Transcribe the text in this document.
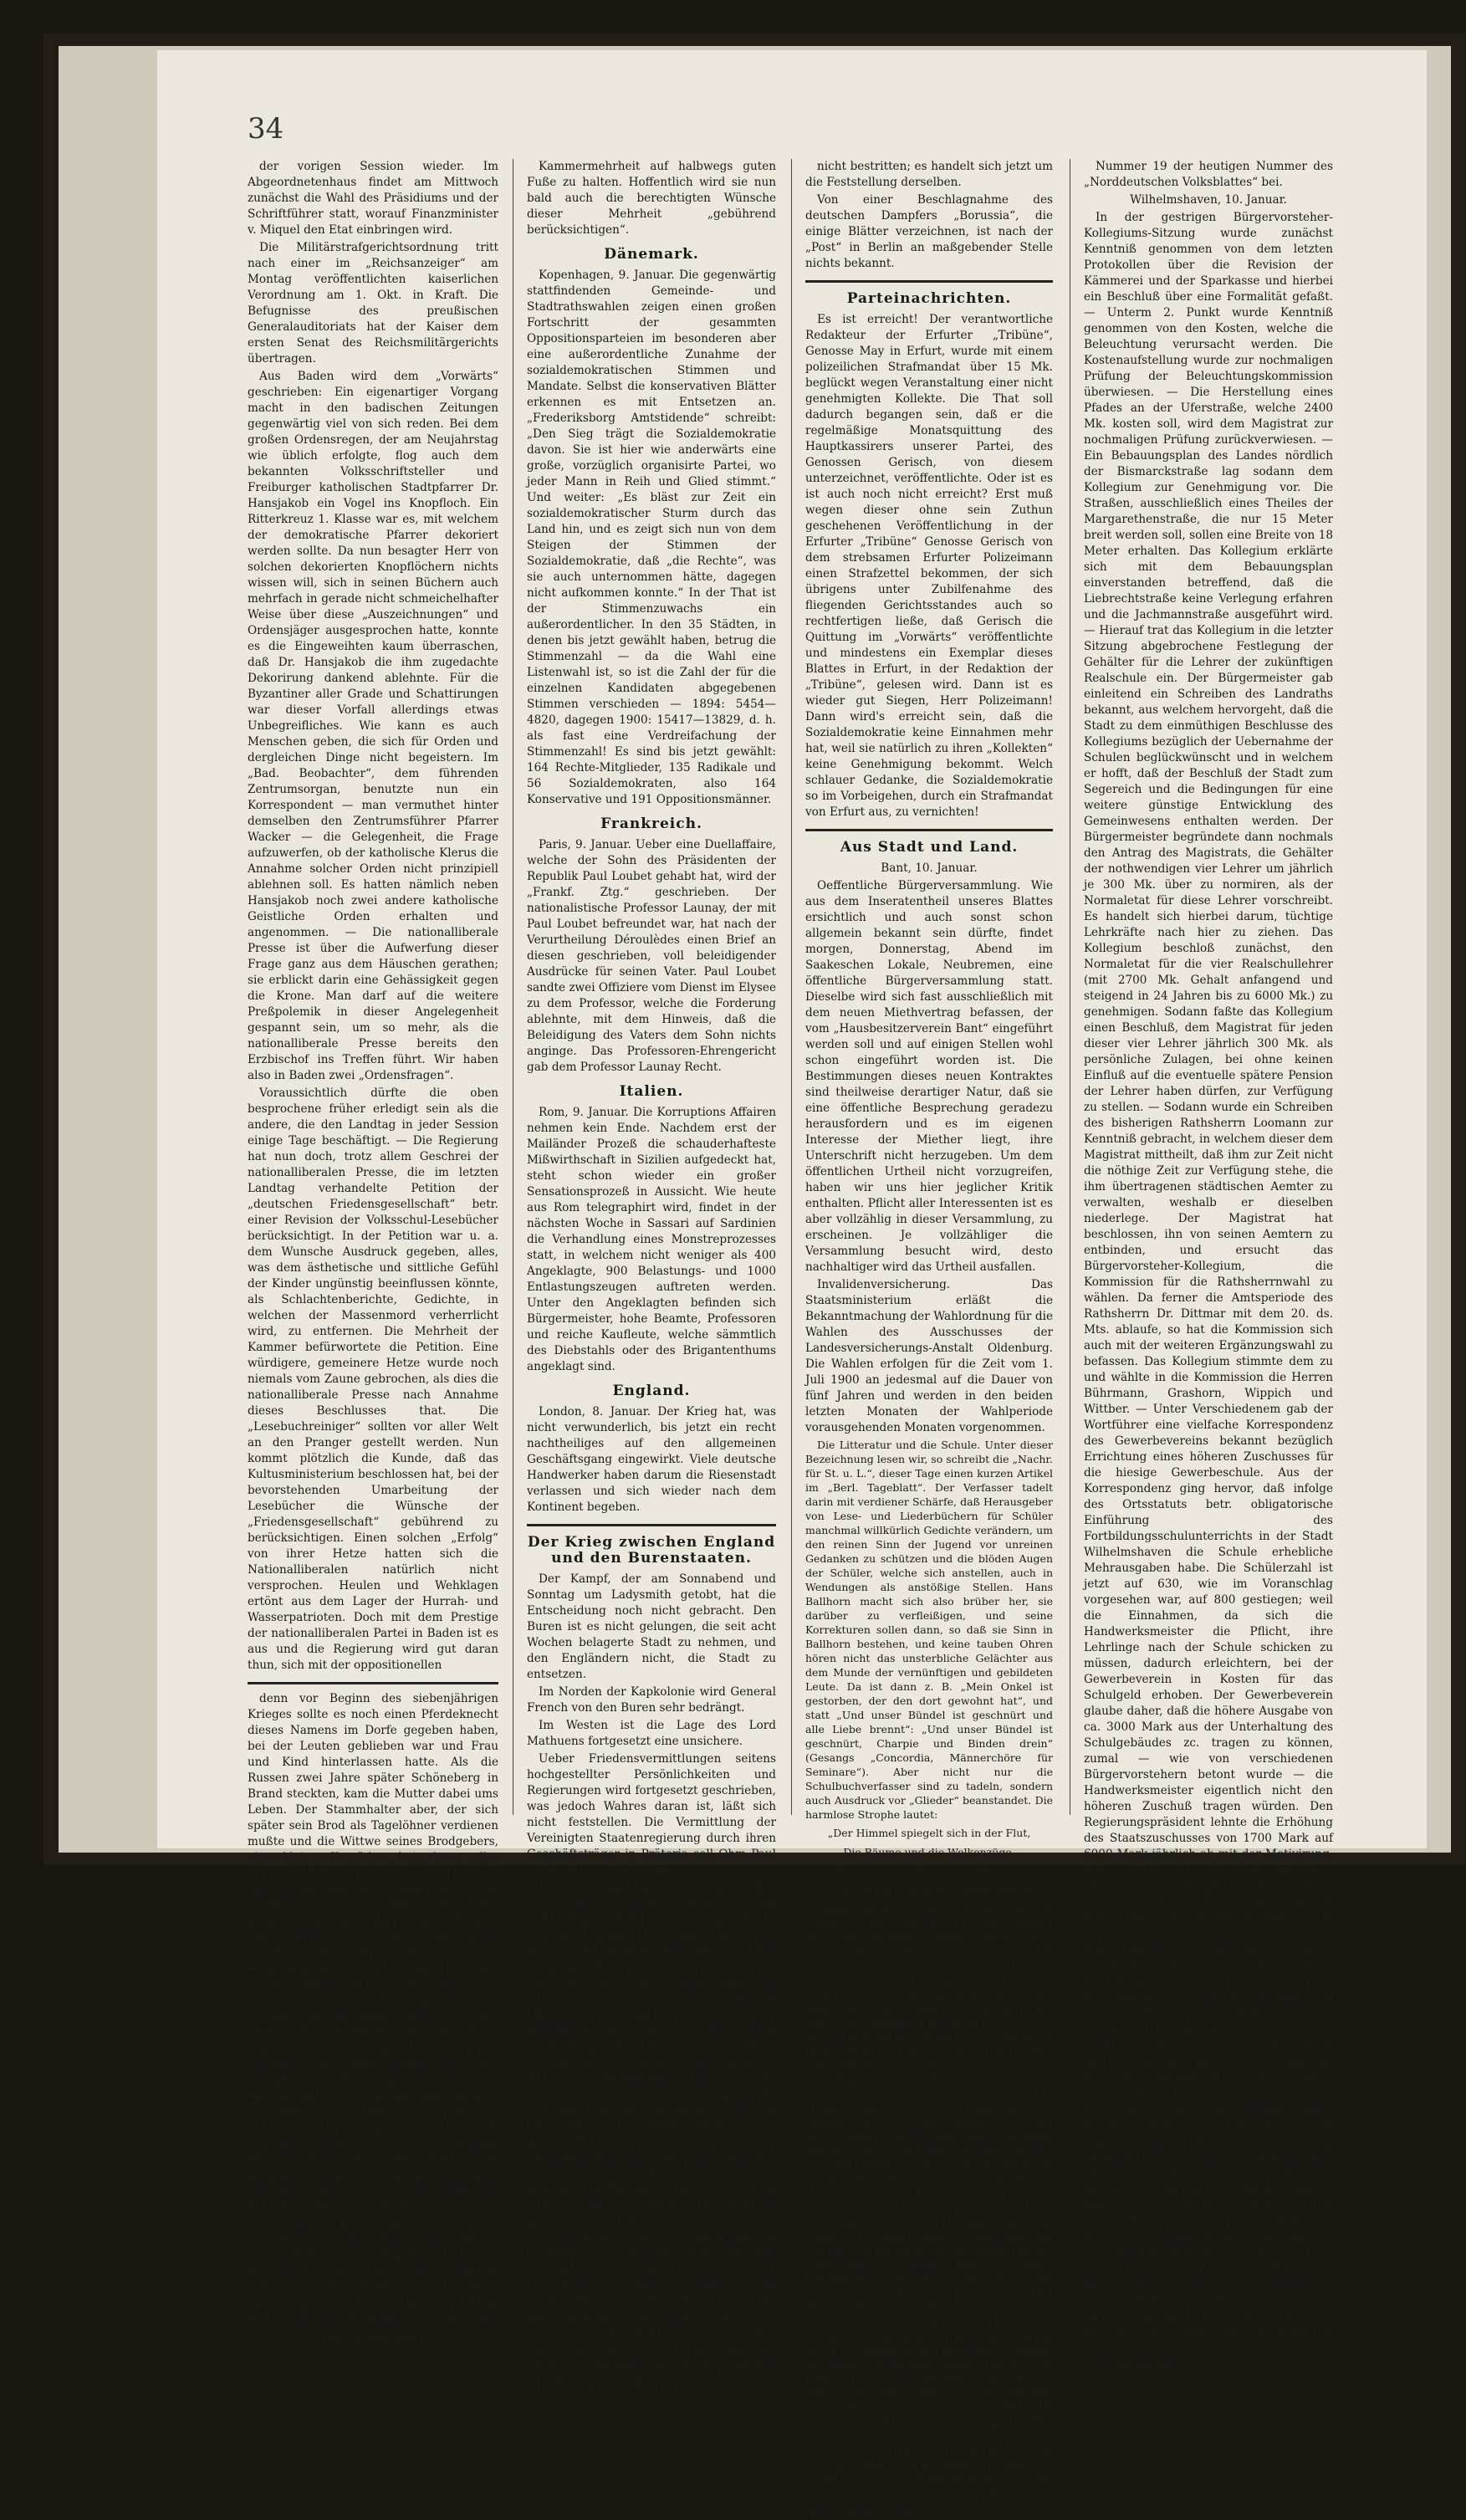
34

der vorigen Session wieder. Im Abgeordnetenhaus findet am Mittwoch zunächst die Wahl des Präsidiums und der Schriftführer statt, worauf Finanzminister v. Miquel den Etat einbringen wird.

Die Militärstrafgerichtsordnung tritt nach einer im „Reichsanzeiger“ am Montag veröffentlichten kaiserlichen Verordnung am 1. Okt. in Kraft. Die Befugnisse des preußischen Generalauditoriats hat der Kaiser dem ersten Senat des Reichsmilitärgerichts übertragen.

Aus Baden wird dem „Vorwärts“ geschrieben: Ein eigenartiger Vorgang macht in den badischen Zeitungen gegenwärtig viel von sich reden. Bei dem großen Ordensregen, der am Neujahrstag wie üblich erfolgte, flog auch dem bekannten Volksschriftsteller und Freiburger katholischen Stadtpfarrer Dr. Hansjakob ein Vogel ins Knopfloch. Ein Ritterkreuz 1. Klasse war es, mit welchem der demokratische Pfarrer dekoriert werden sollte. Da nun besagter Herr von solchen dekorierten Knopflöchern nichts wissen will, sich in seinen Büchern auch mehrfach in gerade nicht schmeichelhafter Weise über diese „Auszeichnungen“ und Ordensjäger ausgesprochen hatte, konnte es die Eingeweihten kaum überraschen, daß Dr. Hansjakob die ihm zugedachte Dekorirung dankend ablehnte. Für die Byzantiner aller Grade und Schattirungen war dieser Vorfall allerdings etwas Unbegreifliches. Wie kann es auch Menschen geben, die sich für Orden und dergleichen Dinge nicht begeistern. Im „Bad. Beobachter“, dem führenden Zentrumsorgan, benutzte nun ein Korrespondent — man vermuthet hinter demselben den Zentrumsführer Pfarrer Wacker — die Gelegenheit, die Frage aufzuwerfen, ob der katholische Klerus die Annahme solcher Orden nicht prinzipiell ablehnen soll. Es hatten nämlich neben Hansjakob noch zwei andere katholische Geistliche Orden erhalten und angenommen. — Die nationalliberale Presse ist über die Aufwerfung dieser Frage ganz aus dem Häuschen gerathen; sie erblickt darin eine Gehässigkeit gegen die Krone. Man darf auf die weitere Preßpolemik in dieser Angelegenheit gespannt sein, um so mehr, als die nationalliberale Presse bereits den Erzbischof ins Treffen führt. Wir haben also in Baden zwei „Ordensfragen“.

Voraussichtlich dürfte die oben besprochene früher erledigt sein als die andere, die den Landtag in jeder Session einige Tage beschäftigt. — Die Regierung hat nun doch, trotz allem Geschrei der nationalliberalen Presse, die im letzten Landtag verhandelte Petition der „deutschen Friedensgesellschaft“ betr. einer Revision der Volksschul-Lesebücher berücksichtigt. In der Petition war u. a. dem Wunsche Ausdruck gegeben, alles, was dem ästhetische und sittliche Gefühl der Kinder ungünstig beeinflussen könnte, als Schlachtenberichte, Gedichte, in welchen der Massenmord verherrlicht wird, zu entfernen. Die Mehrheit der Kammer befürwortete die Petition. Eine würdigere, gemeinere Hetze wurde noch niemals vom Zaune gebrochen, als dies die nationalliberale Presse nach Annahme dieses Beschlusses that. Die „Lesebuchreiniger“ sollten vor aller Welt an den Pranger gestellt werden. Nun kommt plötzlich die Kunde, daß das Kultusministerium beschlossen hat, bei der bevorstehenden Umarbeitung der Lesebücher die Wünsche der „Friedensgesellschaft“ gebührend zu berücksichtigen. Einen solchen „Erfolg“ von ihrer Hetze hatten sich die Nationalliberalen natürlich nicht versprochen. Heulen und Wehklagen ertönt aus dem Lager der Hurrah- und Wasserpatrioten. Doch mit dem Prestige der nationalliberalen Partei in Baden ist es aus und die Regierung wird gut daran thun, sich mit der oppositionellen

denn vor Beginn des siebenjährigen Krieges sollte es noch einen Pferdeknecht dieses Namens im Dorfe gegeben haben, bei der Leuten geblieben war und Frau und Kind hinterlassen hatte. Als die Russen zwei Jahre später Schöneberg in Brand steckten, kam die Mutter dabei ums Leben. Der Stammhalter aber, der sich später sein Brod als Tagelöhner verdienen mußte und die Wittwe seines Brodgebers, eines kleinen Kossäthen, heirathete, sollte der Großvater des jetzigen Familienoberhauptes gewesen sein. Die Chronik des Dorfes sprach wenigstens dafür. Martin Hans, der jetzige Millionär, wollte nichts davon wissen; wenigstens bestritt er diese Verwandtschaft auf das Entschiedenste. Köppke aus Köpenick klinge schon so überzeugend, daß Jedermann die Abstammung von dem Hühner einsehen müsse, meinte er. Damit wies er jede Beziehung zu der „Seitenlinie“ weit von sich; am meisten aber den „Pferdeknecht“, dessen Erwähnung er sich energisch verbat. Ja, in seinem Eigendünkel ging er so weit, fest und steif zu behaupten, daß der Name Köppke eng mit der Gründung von Köpenick zusammenhänge, und daß die Köppkes jedenfalls eine große Rolle gespielt haben müßten. Seitdem er diesen witzigen Einfall bekommen hatte, tischte er ihn Jedem auf, der sich für seine Familie interessirte. Eines Tages — es war vor zwanzig Jahren — hatte er ihn aber mit seinem Namendünkel übel heimgeleuchtet, denn ein Bauer die Behauptung aufstellte, Köppke komme eigentlich von „fauler Kopp“ her. Es gab viel Lachen darüber, und seitdem war er vorsichtiger geworden.

(Fortsetzung folgt.)

Kammermehrheit auf halbwegs guten Fuße zu halten. Hoffentlich wird sie nun bald auch die berechtigten Wünsche dieser Mehrheit „gebührend berücksichtigen“.

Dänemark.

Kopenhagen, 9. Januar. Die gegenwärtig stattfindenden Gemeinde- und Stadtrathswahlen zeigen einen großen Fortschritt der gesammten Oppositionsparteien im besonderen aber eine außerordentliche Zunahme der sozialdemokratischen Stimmen und Mandate. Selbst die konservativen Blätter erkennen es mit Entsetzen an. „Frederiksborg Amtstidende“ schreibt: „Den Sieg trägt die Sozialdemokratie davon. Sie ist hier wie anderwärts eine große, vorzüglich organisirte Partei, wo jeder Mann in Reih und Glied stimmt.“ Und weiter: „Es bläst zur Zeit ein sozialdemokratischer Sturm durch das Land hin, und es zeigt sich nun von dem Steigen der Stimmen der Sozialdemokratie, daß „die Rechte“, was sie auch unternommen hätte, dagegen nicht aufkommen konnte.“ In der That ist der Stimmenzuwachs ein außerordentlicher. In den 35 Städten, in denen bis jetzt gewählt haben, betrug die Stimmenzahl — da die Wahl eine Listenwahl ist, so ist die Zahl der für die einzelnen Kandidaten abgegebenen Stimmen verschieden — 1894: 5454—4820, dagegen 1900: 15417—13829, d. h. als fast eine Verdreifachung der Stimmenzahl! Es sind bis jetzt gewählt: 164 Rechte-Mitglieder, 135 Radikale und 56 Sozialdemokraten, also 164 Konservative und 191 Oppositionsmänner.

Frankreich.

Paris, 9. Januar. Ueber eine Duellaffaire, welche der Sohn des Präsidenten der Republik Paul Loubet gehabt hat, wird der „Frankf. Ztg.“ geschrieben. Der nationalistische Professor Launay, der mit Paul Loubet befreundet war, hat nach der Verurtheilung Déroulèdes einen Brief an diesen geschrieben, voll beleidigender Ausdrücke für seinen Vater. Paul Loubet sandte zwei Offiziere vom Dienst im Elysee zu dem Professor, welche die Forderung ablehnte, mit dem Hinweis, daß die Beleidigung des Vaters dem Sohn nichts anginge. Das Professoren-Ehrengericht gab dem Professor Launay Recht.

Italien.

Rom, 9. Januar. Die Korruptions Affairen nehmen kein Ende. Nachdem erst der Mailänder Prozeß die schauderhafteste Mißwirthschaft in Sizilien aufgedeckt hat, steht schon wieder ein großer Sensationsprozeß in Aussicht. Wie heute aus Rom telegraphirt wird, findet in der nächsten Woche in Sassari auf Sardinien die Verhandlung eines Monstreprozesses statt, in welchem nicht weniger als 400 Angeklagte, 900 Belastungs- und 1000 Entlastungszeugen auftreten werden. Unter den Angeklagten befinden sich Bürgermeister, hohe Beamte, Professoren und reiche Kaufleute, welche sämmtlich des Diebstahls oder des Brigantenthums angeklagt sind.

England.

London, 8. Januar. Der Krieg hat, was nicht verwunderlich, bis jetzt ein recht nachtheiliges auf den allgemeinen Geschäftsgang eingewirkt. Viele deutsche Handwerker haben darum die Riesenstadt verlassen und sich wieder nach dem Kontinent begeben.

Der Krieg zwischen England und den Burenstaaten.

Der Kampf, der am Sonnabend und Sonntag um Ladysmith getobt, hat die Entscheidung noch nicht gebracht. Den Buren ist es nicht gelungen, die seit acht Wochen belagerte Stadt zu nehmen, und den Engländern nicht, die Stadt zu entsetzen.

Im Norden der Kapkolonie wird General French von den Buren sehr bedrängt.

Im Westen ist die Lage des Lord Mathuens fortgesetzt eine unsichere.

Ueber Friedensvermittlungen seitens hochgestellter Persönlichkeiten und Regierungen wird fortgesetzt geschrieben, was jedoch Wahres daran ist, läßt sich nicht feststellen. Die Vermittlung der Vereinigten Staatenregierung durch ihren Geschäftsträger in Prätoria soll Ohm Paul höflichst abgelehnt haben.

Die Beschlagnahme deutscher Schiffe, die benützt werden sollte, um die Flottenbegeisterung zu verallgemeinern und den Haß des Volkes gegen England zu schüren, ist im Verlauf der Zeit doch nicht so ganz unbedenklich, scheint auf dem Wege der Verständigung ihre Erledigung zu finden. In Betreff des Dampfers „Bundesrath“ sind nach offiziöser Mittheilung der „Post“ die zur völligen Klarstellung des Falles nothwendigen Erhebungen noch nicht zu Ende gediehen, so daß ein abschließendes Urtheil zur Zeit noch nicht abgegeben werden kann. Die Post des Dampfers „Bundesrath“ wird von dem deutschen Kreuzer „Condor“ nach der Delagoabai befördert. Zur Beschlagnahme des Dampfers „Herzog“ berichtet Reuters Bureau aus Durban vom Sonntag: Der Dampfer „Herzog“ wurde im Norden der Delagoabai in Beschlag genommen und dann dem Prisengericht überantwortet. Der portugiesische Gouverneur des Zambesi-Distrikts befindet sich unter den Passagieren, die nach der Delagoabai gehen wollen. Die Seebehörden boten ihm Fahrt durch die Stadt an einem Regierungsschiff an.

Die Angelegenheit des Dampfers „Generals“ ist erledigt bis auf die Entschädigungszahlung; die Verpflichtung zu solcher wird englischerseits

nicht bestritten; es handelt sich jetzt um die Feststellung derselben.

Von einer Beschlagnahme des deutschen Dampfers „Borussia“, die einige Blätter verzeichnen, ist nach der „Post“ in Berlin an maßgebender Stelle nichts bekannt.

Parteinachrichten.

Es ist erreicht! Der verantwortliche Redakteur der Erfurter „Tribüne“, Genosse May in Erfurt, wurde mit einem polizeilichen Strafmandat über 15 Mk. beglückt wegen Veranstaltung einer nicht genehmigten Kollekte. Die That soll dadurch begangen sein, daß er die regelmäßige Monatsquittung des Hauptkassirers unserer Partei, des Genossen Gerisch, von diesem unterzeichnet, veröffentlichte. Oder ist es ist auch noch nicht erreicht? Erst muß wegen dieser ohne sein Zuthun geschehenen Veröffentlichung in der Erfurter „Tribüne“ Genosse Gerisch von dem strebsamen Erfurter Polizeimann einen Strafzettel bekommen, der sich übrigens unter Zubilfenahme des fliegenden Gerichtsstandes auch so rechtfertigen ließe, daß Gerisch die Quittung im „Vorwärts“ veröffentlichte und mindestens ein Exemplar dieses Blattes in Erfurt, in der Redaktion der „Tribüne“, gelesen wird. Dann ist es wieder gut Siegen, Herr Polizeimann! Dann wird's erreicht sein, daß die Sozialdemokratie keine Einnahmen mehr hat, weil sie natürlich zu ihren „Kollekten“ keine Genehmigung bekommt. Welch schlauer Gedanke, die Sozialdemokratie so im Vorbeigehen, durch ein Strafmandat von Erfurt aus, zu vernichten!

Aus Stadt und Land.

Bant, 10. Januar.

Oeffentliche Bürgerversammlung. Wie aus dem Inseratentheil unseres Blattes ersichtlich und auch sonst schon allgemein bekannt sein dürfte, findet morgen, Donnerstag, Abend im Saakeschen Lokale, Neubremen, eine öffentliche Bürgerversammlung statt. Dieselbe wird sich fast ausschließlich mit dem neuen Miethvertrag befassen, der vom „Hausbesitzerverein Bant“ eingeführt werden soll und auf einigen Stellen wohl schon eingeführt worden ist. Die Bestimmungen dieses neuen Kontraktes sind theilweise derartiger Natur, daß sie eine öffentliche Besprechung geradezu herausfordern und es im eigenen Interesse der Miether liegt, ihre Unterschrift nicht herzugeben. Um dem öffentlichen Urtheil nicht vorzugreifen, haben wir uns hier jeglicher Kritik enthalten. Pflicht aller Interessenten ist es aber vollzählig in dieser Versammlung, zu erscheinen. Je vollzähliger die Versammlung besucht wird, desto nachhaltiger wird das Urtheil ausfallen.

Invalidenversicherung. Das Staatsministerium erläßt die Bekanntmachung der Wahlordnung für die Wahlen des Ausschusses der Landesversicherungs-Anstalt Oldenburg. Die Wahlen erfolgen für die Zeit vom 1. Juli 1900 an jedesmal auf die Dauer von fünf Jahren und werden in den beiden letzten Monaten der Wahlperiode vorausgehenden Monaten vorgenommen.

Die Litteratur und die Schule. Unter dieser Bezeichnung lesen wir, so schreibt die „Nachr. für St. u. L.“, dieser Tage einen kurzen Artikel im „Berl. Tageblatt“. Der Verfasser tadelt darin mit verdiener Schärfe, daß Herausgeber von Lese- und Liederbüchern für Schüler manchmal willkürlich Gedichte verändern, um den reinen Sinn der Jugend vor unreinen Gedanken zu schützen und die blöden Augen der Schüler, welche sich anstellen, auch in Wendungen als anstößige Stellen. Hans Ballhorn macht sich also brüber her, sie darüber zu verfleißigen, und seine Korrekturen sollen dann, so daß sie Sinn in Ballhorn bestehen, und keine tauben Ohren hören nicht das unsterbliche Gelächter aus dem Munde der vernünftigen und gebildeten Leute. Da ist dann z. B. „Mein Onkel ist gestorben, der den dort gewohnt hat“, und statt „Und unser Bündel ist geschnürt und alle Liebe brennt“: „Und unser Bündel ist geschnürt, Charpie und Binden drein“ (Gesangs „Concordia, Männerchöre für Seminare“). Aber nicht nur die Schulbuchverfasser sind zu tadeln, sondern auch Ausdruck vor „Glieder“ beanstandet. Die harmlose Strophe lautet:

„Der Himmel spiegelt sich in der Flut,
Die Bäume und die Wolkenzüge,
Wir tauchen darinnen auf und nieder
Spielfüßig die schlanken weißen Glieder.“

Dieses Gedicht enthält, so berichten die „Nachr.“, die „weißen“ Glieder können unlautere Gedanken erregen. Gegen solche Schulbuchverfasser ist nichts zu sagen. Wir können das nur begrüßen. Da ist doch Kindern nicht gut. Der eigentliche Litteratur gefällt werden. Welche sie besser gegen das heimliche Kind, sehen wir es ein: Wir heimlichen Penaten zu ergreifen, hier. Wo und verbart geboren wurde, wo ein Dr. Ostermann lange segensreich wirkte, solle man ungern sein! Unmöglich? — Wie manche Fabel aber vorsichtiger Weise nach, wo 0 Staunen, wir finden in dem vielgebrauchten „Jugendfreunde“ Seite 128 wirklich das Wort „weiße Glieder“ „lange Glieder“. Wie kam das? Kobold Zufall wird wohl beteiligt gewesen sein. Aber diese freudige Anekdote aus dem Tische. Ein paar Lesebuchverfasser haben unter anderm die Märchen im Stillen: „Der Arme und der Reiche“. Der Herr sprach auf die Erde, und vorbei so mit reichen Mann, so verlangte er seinen Lohn, allein ehrlicher Mann hat diesen freundlich aufgenommen und mit den einfachen Gaben seines Tisches, Milch und Kartoffeln, bewirtet. Darauf bescheidene Anfrage: „Was ist denn Schimmes daran?“ Der pädagogisch und litterarisch mehrscheinlich wenig gebildete Herr, der keine Ahnung von der heimlichen Prüfung des Märchens Kirchberg hat, hat als einzig denkbares es sich der Bibel die sinnige poetische Vermenschlichung Gottes ein Greuel ist, meint gelassen: „So ist das Kindern nicht gut, wenn — so sagt: Wie kann so ein Tischer sitzt und ist und trinkt.“ Da können schüchterne Einwendung: „Erzählt uns nicht auch die heilige Schrift, daß Gott bei Abraham zu Tische sitzt und ißt?“ — „Ja, ja — aber doch keine Kartoffeln.“ Tableau.

Von der „Gesundheitswarte“, der vierzehntägig erscheinenden Gratisbeilage unserer

Nummer 19 der heutigen Nummer des „Norddeutschen Volksblattes“ bei.

Wilhelmshaven, 10. Januar.

In der gestrigen Bürgervorsteher-Kollegiums-Sitzung wurde zunächst Kenntniß genommen von dem letzten Protokollen über die Revision der Kämmerei und der Sparkasse und hierbei ein Beschluß über eine Formalität gefaßt. — Unterm 2. Punkt wurde Kenntniß genommen von den Kosten, welche die Beleuchtung verursacht werden. Die Kostenaufstellung wurde zur nochmaligen Prüfung der Beleuchtungskommission überwiesen. — Die Herstellung eines Pfades an der Uferstraße, welche 2400 Mk. kosten soll, wird dem Magistrat zur nochmaligen Prüfung zurückverwiesen. — Ein Bebauungsplan des Landes nördlich der Bismarckstraße lag sodann dem Kollegium zur Genehmigung vor. Die Straßen, ausschließlich eines Theiles der Margarethenstraße, die nur 15 Meter breit werden soll, sollen eine Breite von 18 Meter erhalten. Das Kollegium erklärte sich mit dem Bebauungsplan einverstanden betreffend, daß die Liebrechtstraße keine Verlegung erfahren und die Jachmannstraße ausgeführt wird. — Hierauf trat das Kollegium in die letzter Sitzung abgebrochene Festlegung der Gehälter für die Lehrer der zukünftigen Realschule ein. Der Bürgermeister gab einleitend ein Schreiben des Landraths bekannt, aus welchem hervorgeht, daß die Stadt zu dem einmüthigen Beschlusse des Kollegiums bezüglich der Uebernahme der Schulen beglückwünscht und in welchem er hofft, daß der Beschluß der Stadt zum Segereich und die Bedingungen für eine weitere günstige Entwicklung des Gemeinwesens enthalten werden. Der Bürgermeister begründete dann nochmals den Antrag des Magistrats, die Gehälter der nothwendigen vier Lehrer um jährlich je 300 Mk. über zu normiren, als der Normaletat für diese Lehrer vorschreibt. Es handelt sich hierbei darum, tüchtige Lehrkräfte nach hier zu ziehen. Das Kollegium beschloß zunächst, den Normaletat für die vier Realschullehrer (mit 2700 Mk. Gehalt anfangend und steigend in 24 Jahren bis zu 6000 Mk.) zu genehmigen. Sodann faßte das Kollegium einen Beschluß, dem Magistrat für jeden dieser vier Lehrer jährlich 300 Mk. als persönliche Zulagen, bei ohne keinen Einfluß auf die eventuelle spätere Pension der Lehrer haben dürfen, zur Verfügung zu stellen. — Sodann wurde ein Schreiben des bisherigen Rathsherrn Loomann zur Kenntniß gebracht, in welchem dieser dem Magistrat mittheilt, daß ihm zur Zeit nicht die nöthige Zeit zur Verfügung stehe, die ihm übertragenen städtischen Aemter zu verwalten, weshalb er dieselben niederlege. Der Magistrat hat beschlossen, ihn von seinen Aemtern zu entbinden, und ersucht das Bürgervorsteher-Kollegium, die Kommission für die Rathsherrnwahl zu wählen. Da ferner die Amtsperiode des Rathsherrn Dr. Dittmar mit dem 20. ds. Mts. ablaufe, so hat die Kommission sich auch mit der weiteren Ergänzungswahl zu befassen. Das Kollegium stimmte dem zu und wählte in die Kommission die Herren Bührmann, Grashorn, Wippich und Wittber. — Unter Verschiedenem gab der Wortführer eine vielfache Korrespondenz des Gewerbevereins bekannt bezüglich Errichtung eines höheren Zuschusses für die hiesige Gewerbeschule. Aus der Korrespondenz ging hervor, daß infolge des Ortsstatuts betr. obligatorische Einführung des Fortbildungsschulunterrichts in der Stadt Wilhelmshaven die Schule erhebliche Mehrausgaben habe. Die Schülerzahl ist jetzt auf 630, wie im Voranschlag vorgesehen war, auf 800 gestiegen; weil die Einnahmen, da sich die Handwerksmeister die Pflicht, ihre Lehrlinge nach der Schule schicken zu müssen, dadurch erleichtern, bei der Gewerbeverein in Kosten für das Schulgeld erhoben. Der Gewerbeverein glaube daher, daß die höhere Ausgabe von ca. 3000 Mark aus der Unterhaltung des Schulgebäudes zc. tragen zu können, zumal — wie von verschiedenen Bürgervorstehern betont wurde — die Handwerksmeister eigentlich nicht den höheren Zuschuß tragen würden. Den Regierungspräsident lehnte die Erhöhung des Staatszuschusses von 1700 Mark auf 6000 Mark jährlich ab mit der Motivirung, daß wohl die Ausgaben beschränkt und eine höheres Schulgeld erhoben werden könnte. Ferner sei es nur billig, wenn die Stadt einen höheren Zuschuß leiste, da ja durch die Gewerbeschule der Gewerbestand im Allgemeinen günstig beeinflußt würde. Auf Grund dieses Schreibens ersucht der Gewerbeverein, den Zuschuß der Stadt von jährlich 1500 Mk. auf 2500 Mk. zu erhöhen. Diesem Antrag wird zugestimmt.

Bürgervorsteher Focken regte sodann die Herabsetzung des Verpflegungssatzes des Krankenhauses für die Krankenkassen an und wünschte Auskunft über den Stand der Dinge. Der Bürgermeister legte sodann seine Antipathie gegen die Herabsetzung zu Tage, wonach er zum Ausdruck brachte, daß der Magistrat nicht einen Kassenbeitrag anzubringen, daß ihm die Sache nicht von der Stelle kommen will. Ihm sei dabei eine Veränderung der Krankenhaus-Verwaltung nicht möglich, da er die Verminderung des Personals im Krankenhause vorhaltbaren hätte, da oder auch nicht, so daß die Stadt den entstehenden Ausfall der Einnahmen tragen müßte. Wenn die Krankenkassen für eine bestimmte Einnahme garantieren würden, ferner wenn die Patienten der Kassen ausschließlich dem Wilhelmshavener
